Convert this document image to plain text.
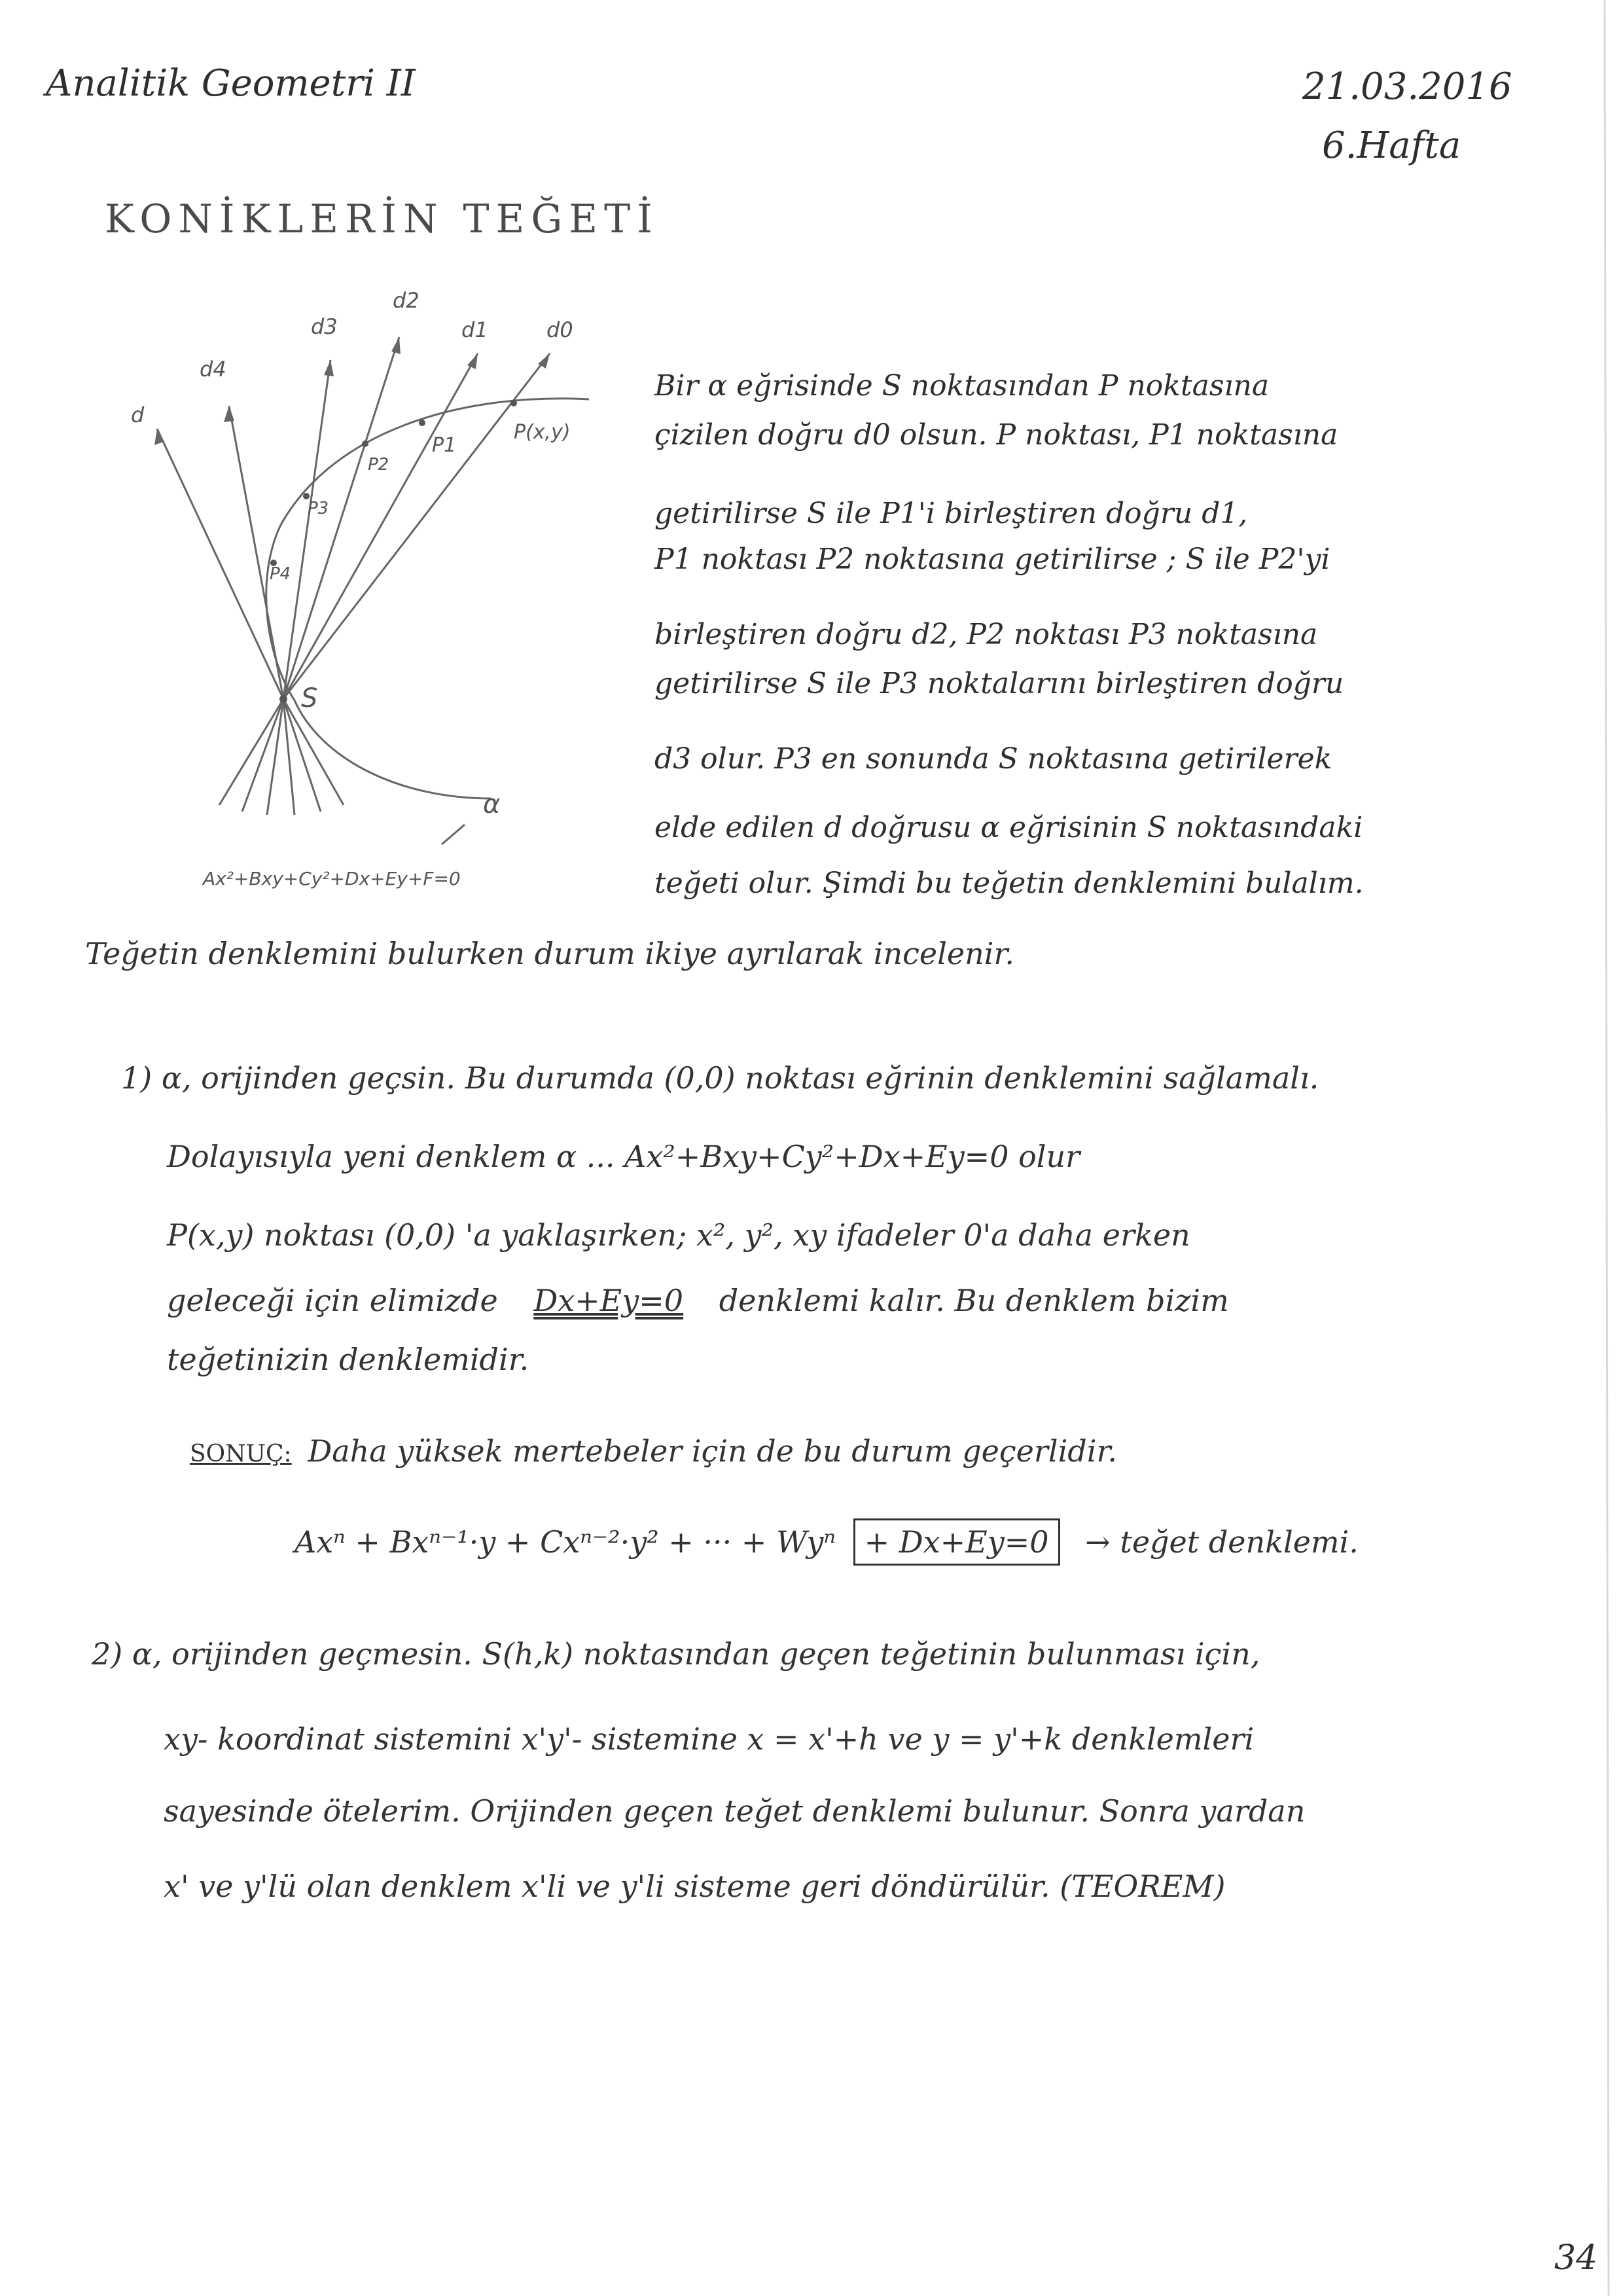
Analitik Geometri II	21.03.2016
6.Hafta
KONİKLERİN TEĞETİ
d
d4
d3
d2
d1	d0
P4
P3
P2
P1
P(x,y)
S
α
Ax²+Bxy+Cy²+Dx+Ey+F=0
Bir α eğrisinde S noktasından P noktasına
çizilen doğru d0 olsun. P noktası, P1 noktasına
getirilirse S ile P1'i birleştiren doğru d1,
P1 noktası P2 noktasına getirilirse ; S ile P2'yi
birleştiren doğru d2, P2 noktası P3 noktasına
getirilirse S ile P3 noktalarını birleştiren doğru
d3 olur. P3 en sonunda S noktasına getirilerek
elde edilen d doğrusu α eğrisinin S noktasındaki
teğeti olur. Şimdi bu teğetin denklemini bulalım.
Teğetin denklemini bulurken durum ikiye ayrılarak incelenir.
1) α, orijinden geçsin. Bu durumda (0,0) noktası eğrinin denklemini sağlamalı.
Dolayısıyla yeni denklem α ... Ax²+Bxy+Cy²+Dx+Ey=0 olur
P(x,y) noktası (0,0) 'a yaklaşırken; x², y², xy ifadeler 0'a daha erken
geleceği için elimizde Dx+Ey=0 denklemi kalır. Bu denklem bizim
teğetinizin denklemidir.
SONUÇ: Daha yüksek mertebeler için de bu durum geçerlidir.
Axⁿ + Bxⁿ⁻¹·y + Cxⁿ⁻²·y² + ··· + Wyⁿ + Dx+Ey=0 → teğet denklemi.
2) α, orijinden geçmesin. S(h,k) noktasından geçen teğetinin bulunması için,
xy- koordinat sistemini x'y'- sistemine x = x'+h ve y = y'+k denklemleri
sayesinde ötelerim. Orijinden geçen teğet denklemi bulunur. Sonra yardan
x' ve y'lü olan denklem x'li ve y'li sisteme geri döndürülür. (TEOREM)
34
